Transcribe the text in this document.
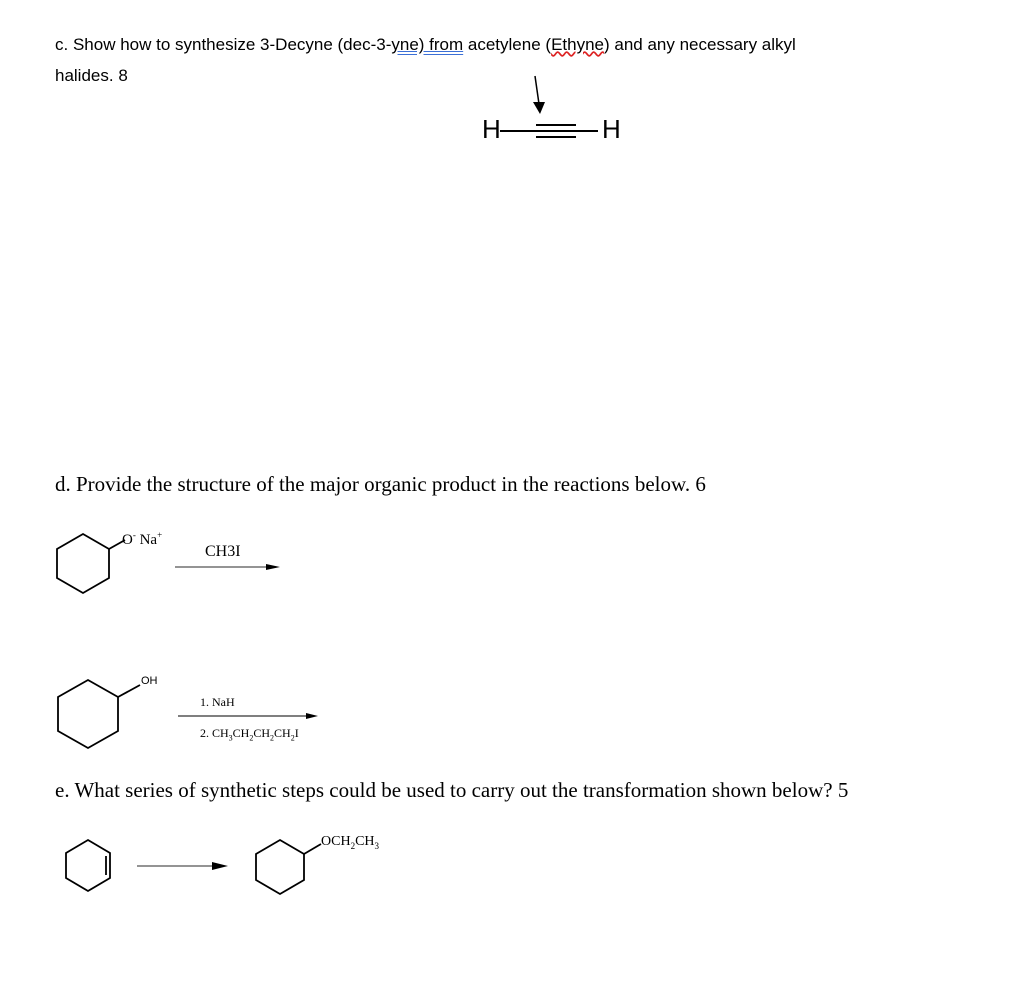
c. Show how to synthesize 3-Decyne (dec-3-yne) from acetylene (Ethyne) and any necessary alkyl
halides. 8
H	H
d. Provide the structure of the major organic product in the reactions below. 6
O- Na+
CH3I
OH
1. NaH
2. $CH_3CH_2CH_2CH_2I$
e. What series of synthetic steps could be used to carry out the transformation shown below? 5
$OCH_2CH_3$
